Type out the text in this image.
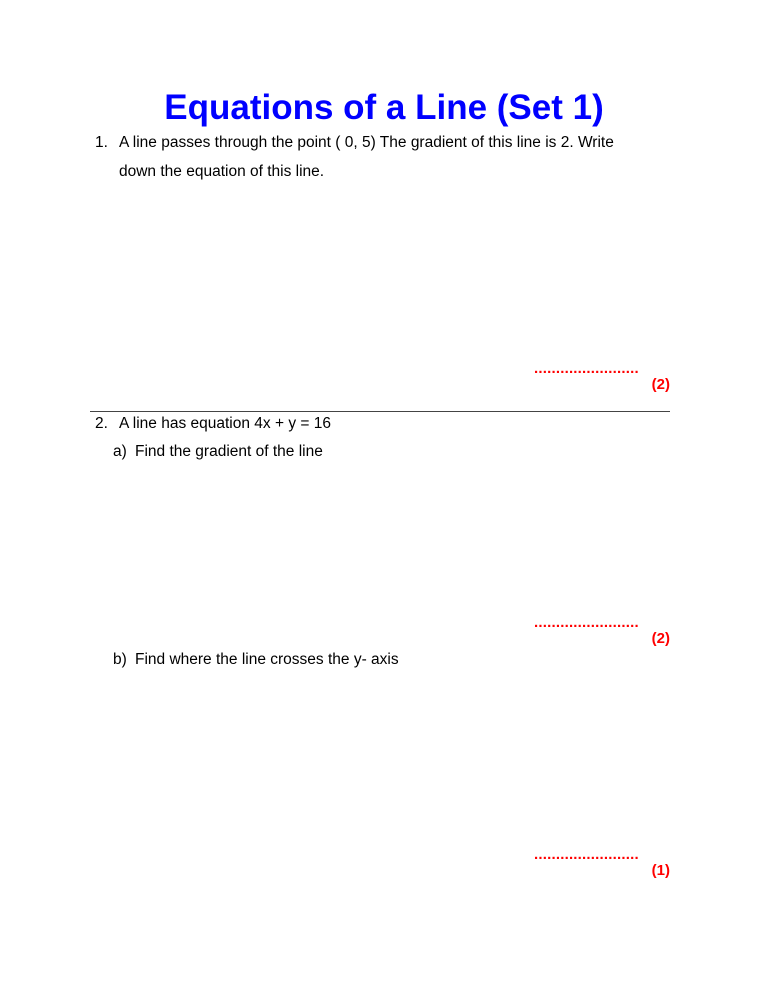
Equations of a Line (Set 1)
1. A line passes through the point ( 0, 5) The gradient of this line is 2. Write
down the equation of this line.
........................
(2)
2. A line has equation 4x + y = 16
a) Find the gradient of the line
........................
(2)
b) Find where the line crosses the y- axis
........................
(1)
